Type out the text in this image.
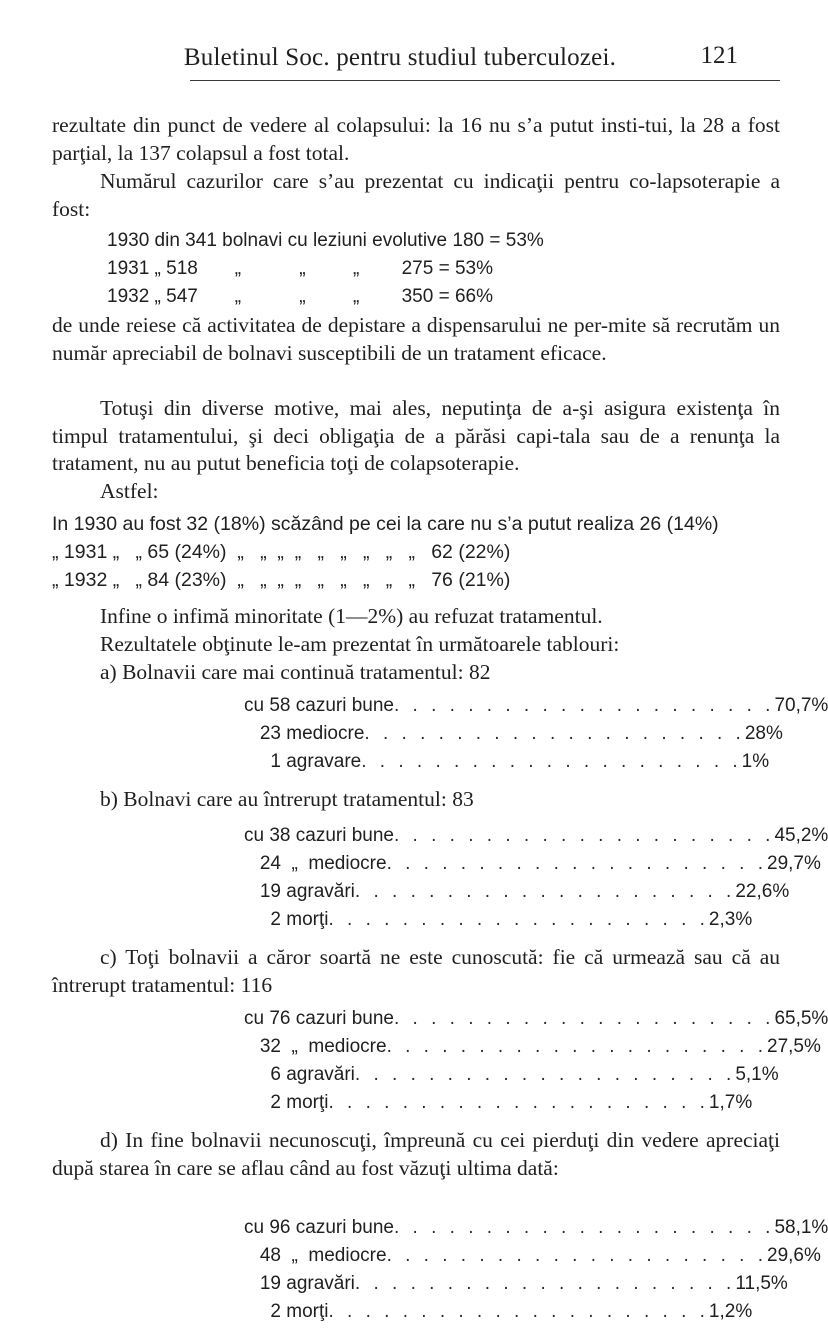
Buletinul Soc. pentru studiul tuberculozei.	121
rezultate din punct de vedere al colapsului: la 16 nu s’a putut insti-tui, la 28 a fost parţial, la 137 colapsul a fost total.
Numărul cazurilor care s’au prezentat cu indicaţii pentru co-lapsoterapie a fost:
1930 din 341 bolnavi cu leziuni evolutive 180 = 53%
1931 „ 518       „           „         „        275 = 53%
1932 „ 547       „           „         „        350 = 66%
de unde reiese că activitatea de depistare a dispensarului ne per-mite să recrutăm un număr apreciabil de bolnavi susceptibili de un tratament eficace.
Totuşi din diverse motive, mai ales, neputinţa de a-şi asigura existenţa în timpul tratamentului, şi deci obligaţia de a părăsi capi-tala sau de a renunţa la tratament, nu au putut beneficia toţi de colapsoterapie.
Astfel:
In 1930 au fost 32 (18%) scăzând pe cei la care nu s’a putut realiza 26 (14%)
„ 1931 „   „ 65 (24%)  „   „  „  „   „   „   „   „   „   62 (22%)
„ 1932 „   „ 84 (23%)  „   „  „  „   „   „   „   „   „   76 (21%)
Infine o infimă minoritate (1—2%) au refuzat tratamentul.
Rezultatele obţinute le-am prezentat în următoarele tablouri:
a) Bolnavii care mai continuă tratamentul: 82
cu 58 cazuri bune . . . . . . . . . . . . . . . . . . . . . 70,7%
23 mediocre . . . . . . . . . . . . . . . . . . . . . 28%
1 agravare . . . . . . . . . . . . . . . . . . . . . 1%
b) Bolnavi care au întrerupt tratamentul: 83
cu 38 cazuri bune . . . . . . . . . . . . . . . . . . . . . 45,2%
24  „  mediocre . . . . . . . . . . . . . . . . . . . . . 29,7%
19 agravări . . . . . . . . . . . . . . . . . . . . . 22,6%
2 morţi . . . . . . . . . . . . . . . . . . . . . 2,3%
c) Toţi bolnavii a căror soartă ne este cunoscută: fie că urmează sau că au întrerupt tratamentul: 116
cu 76 cazuri bune . . . . . . . . . . . . . . . . . . . . . 65,5%
32  „  mediocre . . . . . . . . . . . . . . . . . . . . . 27,5%
6 agravări . . . . . . . . . . . . . . . . . . . . . 5,1%
2 morţi . . . . . . . . . . . . . . . . . . . . . 1,7%
d) In fine bolnavii necunoscuţi, împreună cu cei pierduţi din vedere apreciaţi după starea în care se aflau când au fost văzuţi ultima dată:
cu 96 cazuri bune . . . . . . . . . . . . . . . . . . . . . 58,1%
48  „  mediocre . . . . . . . . . . . . . . . . . . . . . 29,6%
19 agravări . . . . . . . . . . . . . . . . . . . . . 11,5%
2 morţi . . . . . . . . . . . . . . . . . . . . . 1,2%
